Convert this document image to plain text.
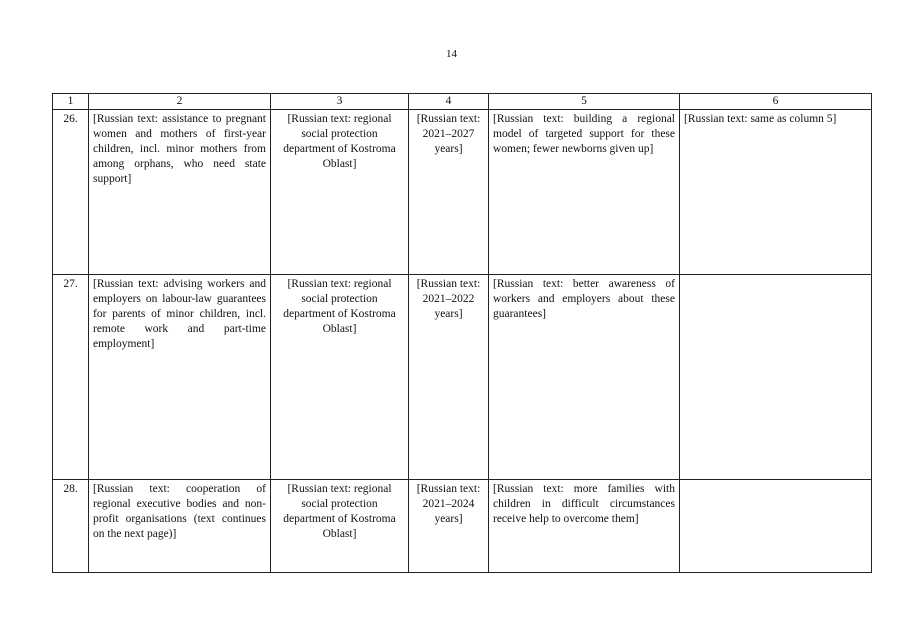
14
1	2	3	4	5	6
26.	[Russian text: assistance to pregnant women and mothers of first-year children, incl. minor mothers from among orphans, who need state support]	[Russian text: regional social protection department of Kostroma Oblast]	[Russian text: 2021–2027 years]	[Russian text: building a regional model of targeted support for these women; fewer newborns given up]	[Russian text: same as column 5]
27.	[Russian text: advising workers and employers on labour-law guarantees for parents of minor children, incl. remote work and part-time employment]	[Russian text: regional social protection department of Kostroma Oblast]	[Russian text: 2021–2022 years]	[Russian text: better awareness of workers and employers about these guarantees]	
28.	[Russian text: cooperation of regional executive bodies and non-profit organisations (text continues on the next page)]	[Russian text: regional social protection department of Kostroma Oblast]	[Russian text: 2021–2024 years]	[Russian text: more families with children in difficult circumstances receive help to overcome them]	
